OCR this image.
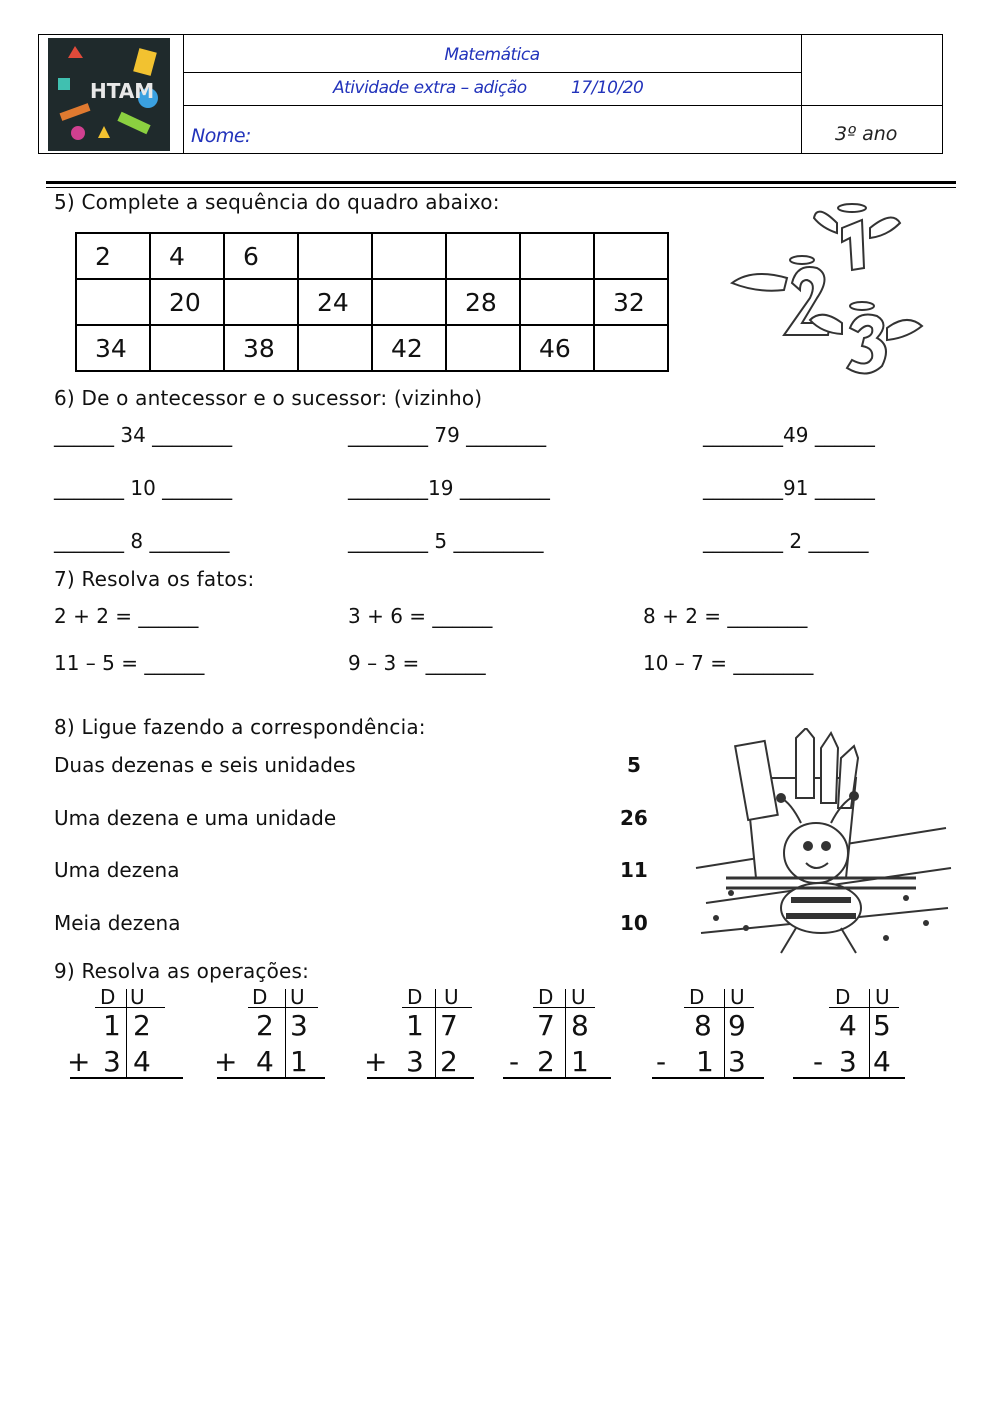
HTAM
Matemática
Atividade extra – adição	17/10/20
Nome:	3º ano
5) Complete a sequência do quadro abaixo:
2	4	6					
	20		24		28		32
34		38		42		46	
6) De o antecessor e o sucessor: (vizinho)
______ 34 ________	________ 79 ________	________49 ______
_______ 10 _______	________19 _________	________91 ______
_______ 8 ________	________ 5 _________	________ 2 ______
7) Resolva os fatos:
2 + 2 = ______	3 + 6 = ______	8 + 2 = ________
11 – 5 = ______	9 – 3 = ______	10 – 7 = ________
8) Ligue fazendo a correspondência:
Duas dezenas e seis unidades
Uma dezena e uma unidade
Uma dezena
Meia dezena
5
26
11
10
9) Resolva as operações:
D U
1 2
+ 3 4
D U
2 3
+ 4 1
D U
1 7
+ 3 2
D U
7 8
- 2 1
D U
8 9
- 1 3
D U
4 5
- 3 4
